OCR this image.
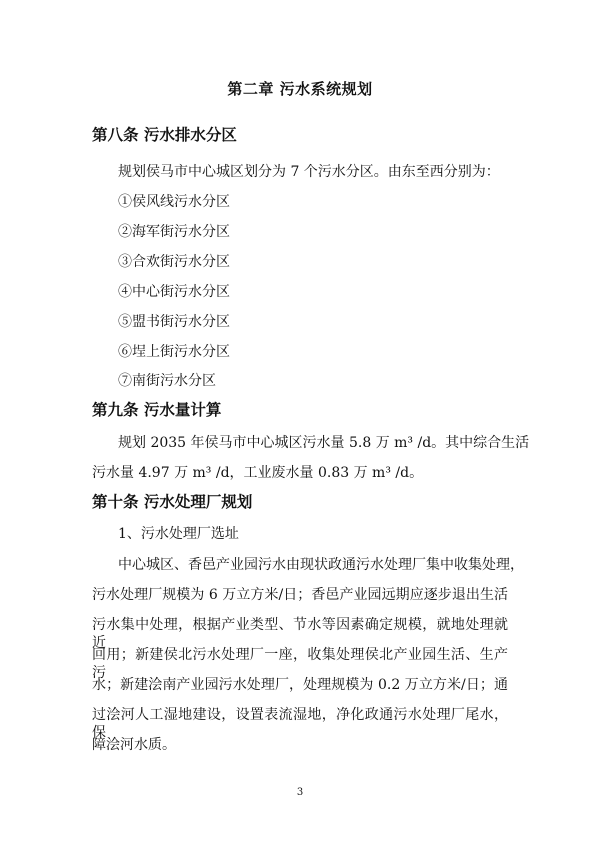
第二章 污水系统规划
第八条 污水排水分区
规划侯马市中心城区划分为 7 个污水分区。由东至西分别为：
①侯风线污水分区
②海军街污水分区
③合欢街污水分区
④中心街污水分区
⑤盟书街污水分区
⑥埕上街污水分区
⑦南街污水分区
第九条 污水量计算
规划 2035 年侯马市中心城区污水量 5.8 万 m³ /d。其中综合生活
污水量 4.97 万 m³ /d，工业废水量 0.83 万 m³ /d。
第十条 污水处理厂规划
1、污水处理厂选址
中心城区、香邑产业园污水由现状政通污水处理厂集中收集处理，
污水处理厂规模为 6 万立方米/日；香邑产业园远期应逐步退出生活
污水集中处理，根据产业类型、节水等因素确定规模，就地处理就近
回用；新建侯北污水处理厂一座，收集处理侯北产业园生活、生产污
水；新建浍南产业园污水处理厂，处理规模为 0.2 万立方米/日；通
过浍河人工湿地建设，设置表流湿地，净化政通污水处理厂尾水，保
障浍河水质。
3
